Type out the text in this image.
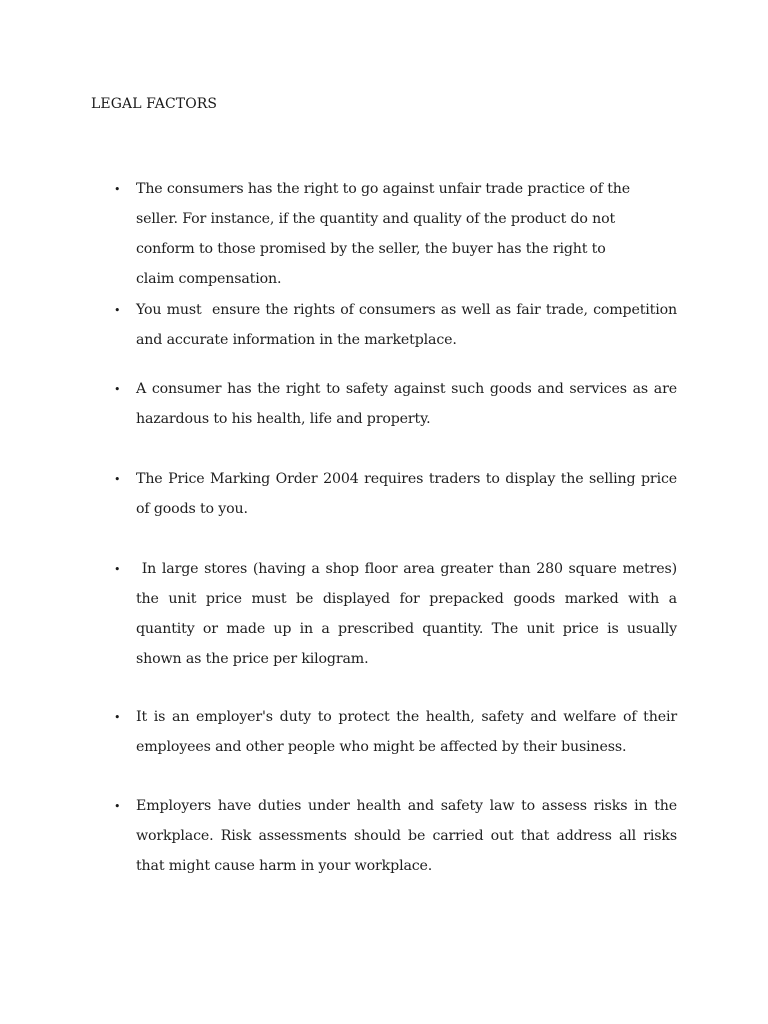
LEGAL FACTORS
• The consumers has the right to go against unfair trade practice of the seller. For instance, if the quantity and quality of the product do not conform to those promised by the seller, the buyer has the right to claim compensation.
• You must  ensure the rights of consumers as well as fair trade, competition and accurate information in the marketplace.
• A consumer has the right to safety against such goods and services as are hazardous to his health, life and property.
• The Price Marking Order 2004 requires traders to display the selling price of goods to you.
• In large stores (having a shop floor area greater than 280 square metres) the unit price must be displayed for prepacked goods marked with a quantity or made up in a prescribed quantity. The unit price is usually shown as the price per kilogram.
• It is an employer's duty to protect the health, safety and welfare of their employees and other people who might be affected by their business.
• Employers have duties under health and safety law to assess risks in the workplace. Risk assessments should be carried out that address all risks that might cause harm in your workplace.
